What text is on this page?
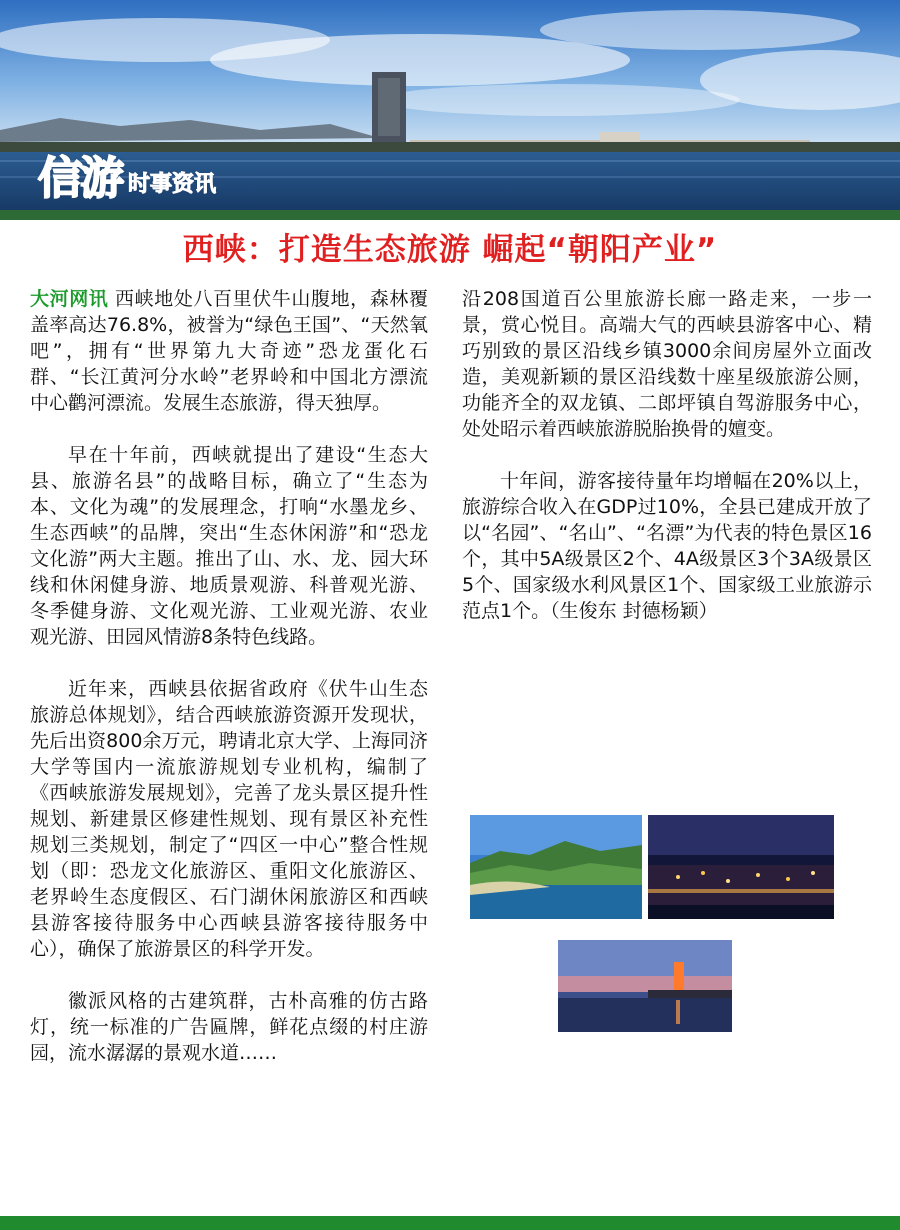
信游 时事资讯
西峡：打造生态旅游 崛起“朝阳产业”

大河网讯 西峡地处八百里伏牛山腹地，森林覆盖率高达76.8%，被誉为“绿色王国”、“天然氧吧”，拥有“世界第九大奇迹”恐龙蛋化石群、“长江黄河分水岭”老界岭和中国北方漂流中心鹳河漂流。发展生态旅游，得天独厚。

早在十年前，西峡就提出了建设“生态大县、旅游名县”的战略目标，确立了“生态为本、文化为魂”的发展理念，打响“水墨龙乡、生态西峡”的品牌，突出“生态休闲游”和“恐龙文化游”两大主题。推出了山、水、龙、园大环线和休闲健身游、地质景观游、科普观光游、冬季健身游、文化观光游、工业观光游、农业观光游、田园风情游8条特色线路。

近年来，西峡县依据省政府《伏牛山生态旅游总体规划》，结合西峡旅游资源开发现状，先后出资800余万元，聘请北京大学、上海同济大学等国内一流旅游规划专业机构，编制了《西峡旅游发展规划》，完善了龙头景区提升性规划、新建景区修建性规划、现有景区补充性规划三类规划，制定了“四区一中心”整合性规划（即：恐龙文化旅游区、重阳文化旅游区、老界岭生态度假区、石门湖休闲旅游区和西峡县游客接待服务中心西峡县游客接待服务中心），确保了旅游景区的科学开发。

徽派风格的古建筑群，古朴高雅的仿古路灯，统一标准的广告匾牌，鲜花点缀的村庄游园，流水潺潺的景观水道……

沿208国道百公里旅游长廊一路走来，一步一景，赏心悦目。高端大气的西峡县游客中心、精巧别致的景区沿线乡镇3000余间房屋外立面改造，美观新颖的景区沿线数十座星级旅游公厕，功能齐全的双龙镇、二郎坪镇自驾游服务中心，处处昭示着西峡旅游脱胎换骨的嬗变。

十年间，游客接待量年均增幅在20%以上，旅游综合收入在GDP过10%，全县已建成开放了以“名园”、“名山”、“名漂”为代表的特色景区16个，其中5A级景区2个、4A级景区3个3A级景区5个、国家级水利风景区1个、国家级工业旅游示范点1个。（生俊东 封德杨颖）
